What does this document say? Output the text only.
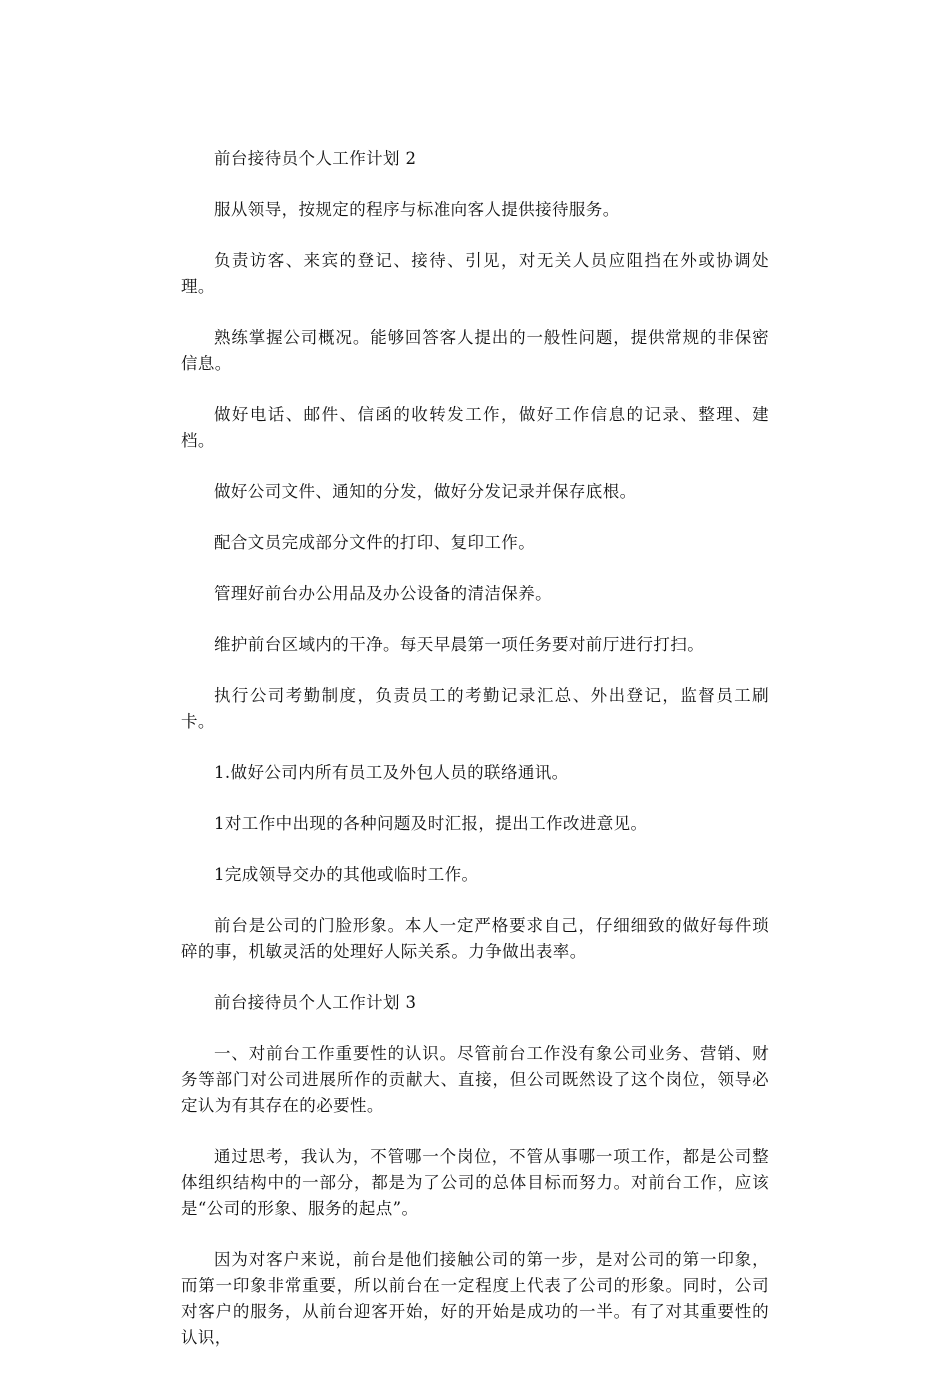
前台接待员个人工作计划 2

服从领导，按规定的程序与标准向客人提供接待服务。

负责访客、来宾的登记、接待、引见，对无关人员应阻挡在外或协调处理。

熟练掌握公司概况。能够回答客人提出的一般性问题，提供常规的非保密信息。

做好电话、邮件、信函的收转发工作，做好工作信息的记录、整理、建档。

做好公司文件、通知的分发，做好分发记录并保存底根。

配合文员完成部分文件的打印、复印工作。

管理好前台办公用品及办公设备的清洁保养。

维护前台区域内的干净。每天早晨第一项任务要对前厅进行打扫。

执行公司考勤制度，负责员工的考勤记录汇总、外出登记，监督员工刷卡。

1.做好公司内所有员工及外包人员的联络通讯。

1对工作中出现的各种问题及时汇报，提出工作改进意见。

1完成领导交办的其他或临时工作。

前台是公司的门脸形象。本人一定严格要求自己，仔细细致的做好每件琐碎的事，机敏灵活的处理好人际关系。力争做出表率。

前台接待员个人工作计划 3

一、对前台工作重要性的认识。尽管前台工作没有象公司业务、营销、财务等部门对公司进展所作的贡献大、直接，但公司既然设了这个岗位，领导必定认为有其存在的必要性。

通过思考，我认为，不管哪一个岗位，不管从事哪一项工作，都是公司整体组织结构中的一部分，都是为了公司的总体目标而努力。对前台工作，应该是“公司的形象、服务的起点”。

因为对客户来说，前台是他们接触公司的第一步，是对公司的第一印象，而第一印象非常重要，所以前台在一定程度上代表了公司的形象。同时，公司对客户的服务，从前台迎客开始，好的开始是成功的一半。有了对其重要性的认识，
